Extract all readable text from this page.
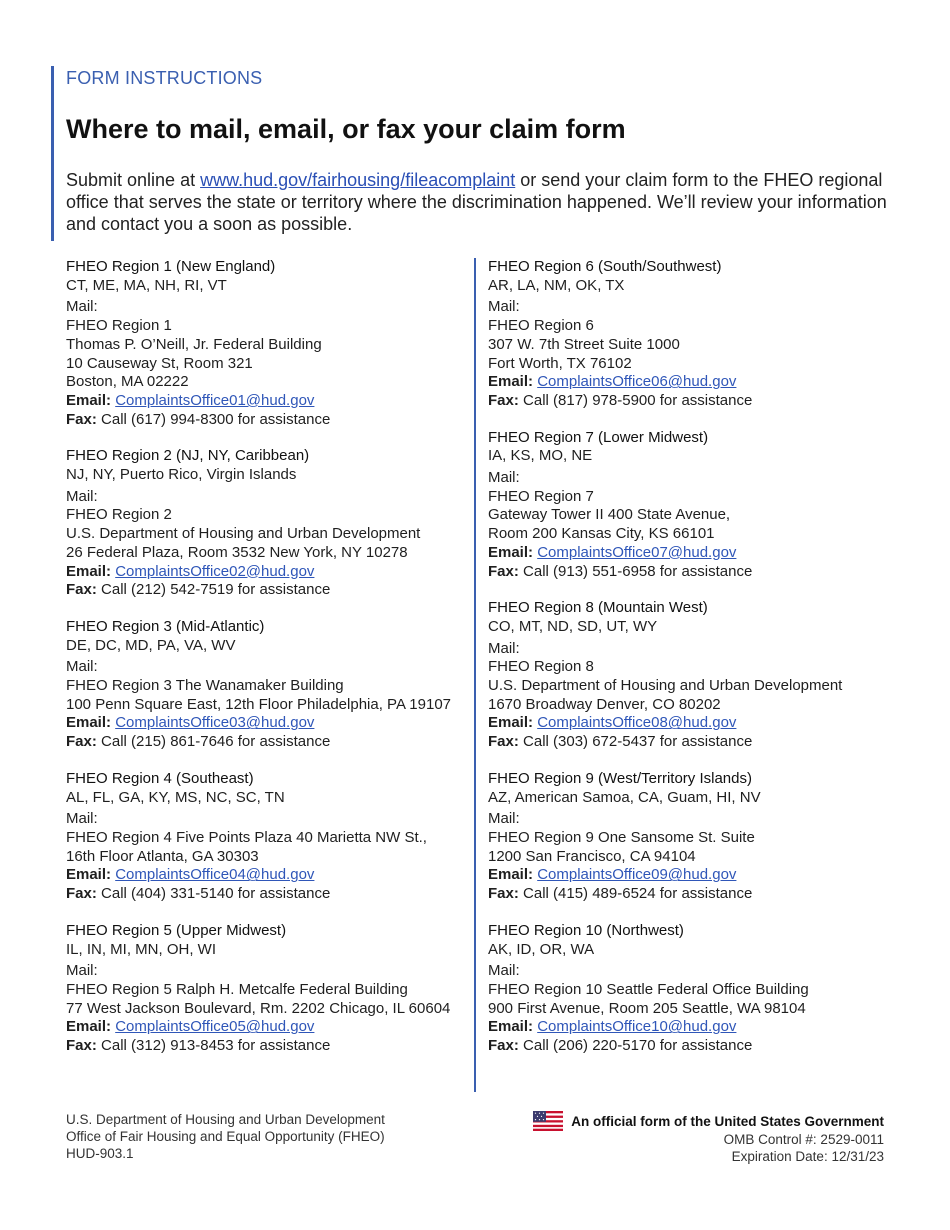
FORM INSTRUCTIONS
Where to mail, email, or fax your claim form

Submit online at www.hud.gov/fairhousing/fileacomplaint or send your claim form to the FHEO regional office that serves the state or territory where the discrimination happened. We’ll review your information and contact you a soon as possible.

FHEO Region 1 (New England)
CT, ME, MA, NH, RI, VT
Mail:
FHEO Region 1
Thomas P. O’Neill, Jr. Federal Building
10 Causeway St, Room 321
Boston, MA 02222
Email: ComplaintsOffice01@hud.gov
Fax: Call (617) 994-8300 for assistance
FHEO Region 2 (NJ, NY, Caribbean)
NJ, NY, Puerto Rico, Virgin Islands
Mail:
FHEO Region 2
U.S. Department of Housing and Urban Development
26 Federal Plaza, Room 3532 New York, NY 10278
Email: ComplaintsOffice02@hud.gov
Fax: Call (212) 542-7519 for assistance
FHEO Region 3 (Mid-Atlantic)
DE, DC, MD, PA, VA, WV
Mail:
FHEO Region 3 The Wanamaker Building
100 Penn Square East, 12th Floor Philadelphia, PA 19107
Email: ComplaintsOffice03@hud.gov
Fax: Call (215) 861-7646 for assistance
FHEO Region 4 (Southeast)
AL, FL, GA, KY, MS, NC, SC, TN
Mail:
FHEO Region 4 Five Points Plaza 40 Marietta NW St.,
16th Floor Atlanta, GA 30303
Email: ComplaintsOffice04@hud.gov
Fax: Call (404) 331-5140 for assistance
FHEO Region 5 (Upper Midwest)
IL, IN, MI, MN, OH, WI
Mail:
FHEO Region 5 Ralph H. Metcalfe Federal Building
77 West Jackson Boulevard, Rm. 2202 Chicago, IL 60604
Email: ComplaintsOffice05@hud.gov
Fax: Call (312) 913-8453 for assistance
FHEO Region 6 (South/Southwest)
AR, LA, NM, OK, TX
Mail:
FHEO Region 6
307 W. 7th Street Suite 1000
Fort Worth, TX 76102
Email: ComplaintsOffice06@hud.gov
Fax: Call (817) 978-5900 for assistance
FHEO Region 7 (Lower Midwest)
IA, KS, MO, NE
Mail:
FHEO Region 7
Gateway Tower II 400 State Avenue,
Room 200 Kansas City, KS 66101
Email: ComplaintsOffice07@hud.gov
Fax: Call (913) 551-6958 for assistance
FHEO Region 8 (Mountain West)
CO, MT, ND, SD, UT, WY
Mail:
FHEO Region 8
U.S. Department of Housing and Urban Development
1670 Broadway Denver, CO 80202
Email: ComplaintsOffice08@hud.gov
Fax: Call (303) 672-5437 for assistance
FHEO Region 9 (West/Territory Islands)
AZ, American Samoa, CA, Guam, HI, NV
Mail:
FHEO Region 9 One Sansome St. Suite
1200 San Francisco, CA 94104
Email: ComplaintsOffice09@hud.gov
Fax: Call (415) 489-6524 for assistance
FHEO Region 10 (Northwest)
AK, ID, OR, WA
Mail:
FHEO Region 10 Seattle Federal Office Building
900 First Avenue, Room 205 Seattle, WA 98104
Email: ComplaintsOffice10@hud.gov
Fax: Call (206) 220-5170 for assistance
U.S. Department of Housing and Urban Development
Office of Fair Housing and Equal Opportunity (FHEO)
HUD-903.1
An official form of the United States Government
OMB Control #: 2529-0011
Expiration Date: 12/31/23
